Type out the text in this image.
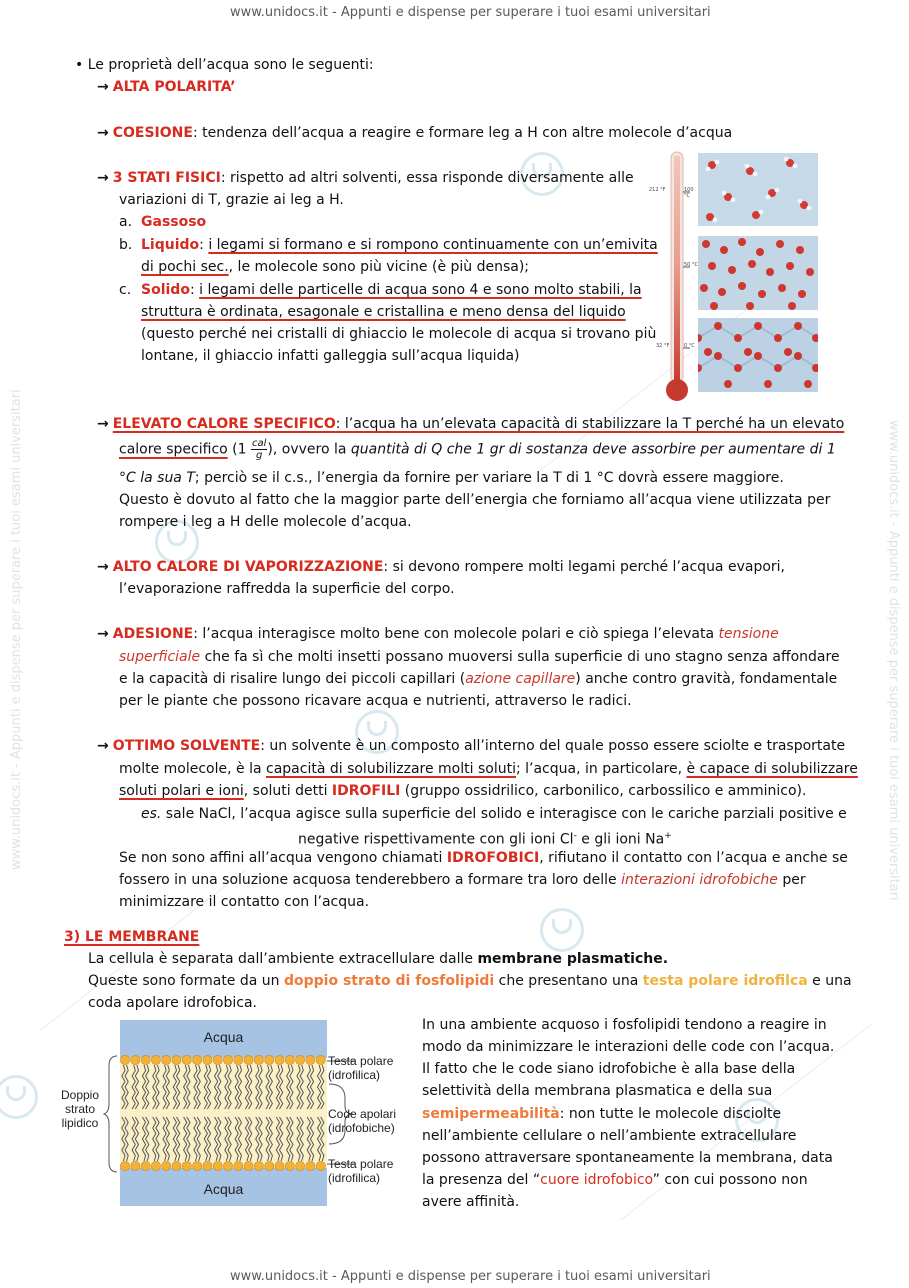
www.unidocs.it - Appunti e dispense per superare i tuoi esami universitari
www.unidocs.it - Appunti e dispense per superare i tuoi esami universitari
www.unidocs.it - Appunti e dispense per superare i tuoi esami universitari	www.unidocs.it - Appunti e dispense per superare i tuoi esami universitari
• Le proprietà dell’acqua sono le seguenti:
→ ALTA POLARITA’
→ COESIONE: tendenza dell’acqua a reagire e formare leg a H con altre molecole d’acqua
→ 3 STATI FISICI: rispetto ad altri solventi, essa risponde diversamente alle
variazioni di T, grazie ai leg a H.
a. Gassoso
b. Liquido: i legami si formano e si rompono continuamente con un’emivita
di pochi sec., le molecole sono più vicine (è più densa);
c. Solido: i legami delle particelle di acqua sono 4 e sono molto stabili, la
struttura è ordinata, esagonale e cristallina e meno densa del liquido
(questo perché nei cristalli di ghiaccio le molecole di acqua si trovano più
lontane, il ghiaccio infatti galleggia sull’acqua liquida)
212 °F	100 °C
50 °C
32 °F	0 °C
→ ELEVATO CALORE SPECIFICO: l’acqua ha un’elevata capacità di stabilizzare la T perché ha un elevato
calore specifico (1 cal
g ), ovvero la quantità di Q che 1 gr di sostanza deve assorbire per aumentare di 1
°C la sua T; perciò se il c.s., l’energia da fornire per variare la T di 1 °C dovrà essere maggiore.
Questo è dovuto al fatto che la maggior parte dell’energia che forniamo all’acqua viene utilizzata per
rompere i leg a H delle molecole d’acqua.
→ ALTO CALORE DI VAPORIZZAZIONE: si devono rompere molti legami perché l’acqua evapori,
l’evaporazione raffredda la superficie del corpo.
→ ADESIONE: l’acqua interagisce molto bene con molecole polari e ciò spiega l’elevata tensione
superficiale che fa sì che molti insetti possano muoversi sulla superficie di uno stagno senza affondare
e la capacità di risalire lungo dei piccoli capillari (azione capillare) anche contro gravità, fondamentale
per le piante che possono ricavare acqua e nutrienti, attraverso le radici.
→ OTTIMO SOLVENTE: un solvente è un composto all’interno del quale posso essere sciolte e trasportate
molte molecole, è la capacità di solubilizzare molti soluti; l’acqua, in particolare, è capace di solubilizzare
soluti polari e ioni, soluti detti IDROFILI (gruppo ossidrilico, carbonilico, carbossilico e amminico).
es. sale NaCl, l’acqua agisce sulla superficie del solido e interagisce con le cariche parziali positive e
negative rispettivamente con gli ioni Cl- e gli ioni Na+
Se non sono affini all’acqua vengono chiamati IDROFOBICI, rifiutano il contatto con l’acqua e anche se
fossero in una soluzione acquosa tenderebbero a formare tra loro delle interazioni idrofobiche per
minimizzare il contatto con l’acqua.
3) LE MEMBRANE
La cellula è separata dall’ambiente extracellulare dalle membrane plasmatiche.
Queste sono formate da un doppio strato di fosfolipidi che presentano una testa polare idrofilca e una
coda apolare idrofobica.
Acqua
Acqua
Doppio
strato
lipidico
Testa polare
(idrofilica)
Code apolari
(idrofobiche)
Testa polare
(idrofilica)
In una ambiente acquoso i fosfolipidi tendono a reagire in
modo da minimizzare le interazioni delle code con l’acqua.
Il fatto che le code siano idrofobiche è alla base della
selettività della membrana plasmatica e della sua
semipermeabilità: non tutte le molecole disciolte
nell’ambiente cellulare o nell’ambiente extracellulare
possono attraversare spontaneamente la membrana, data
la presenza del “cuore idrofobico” con cui possono non
avere affinità.
